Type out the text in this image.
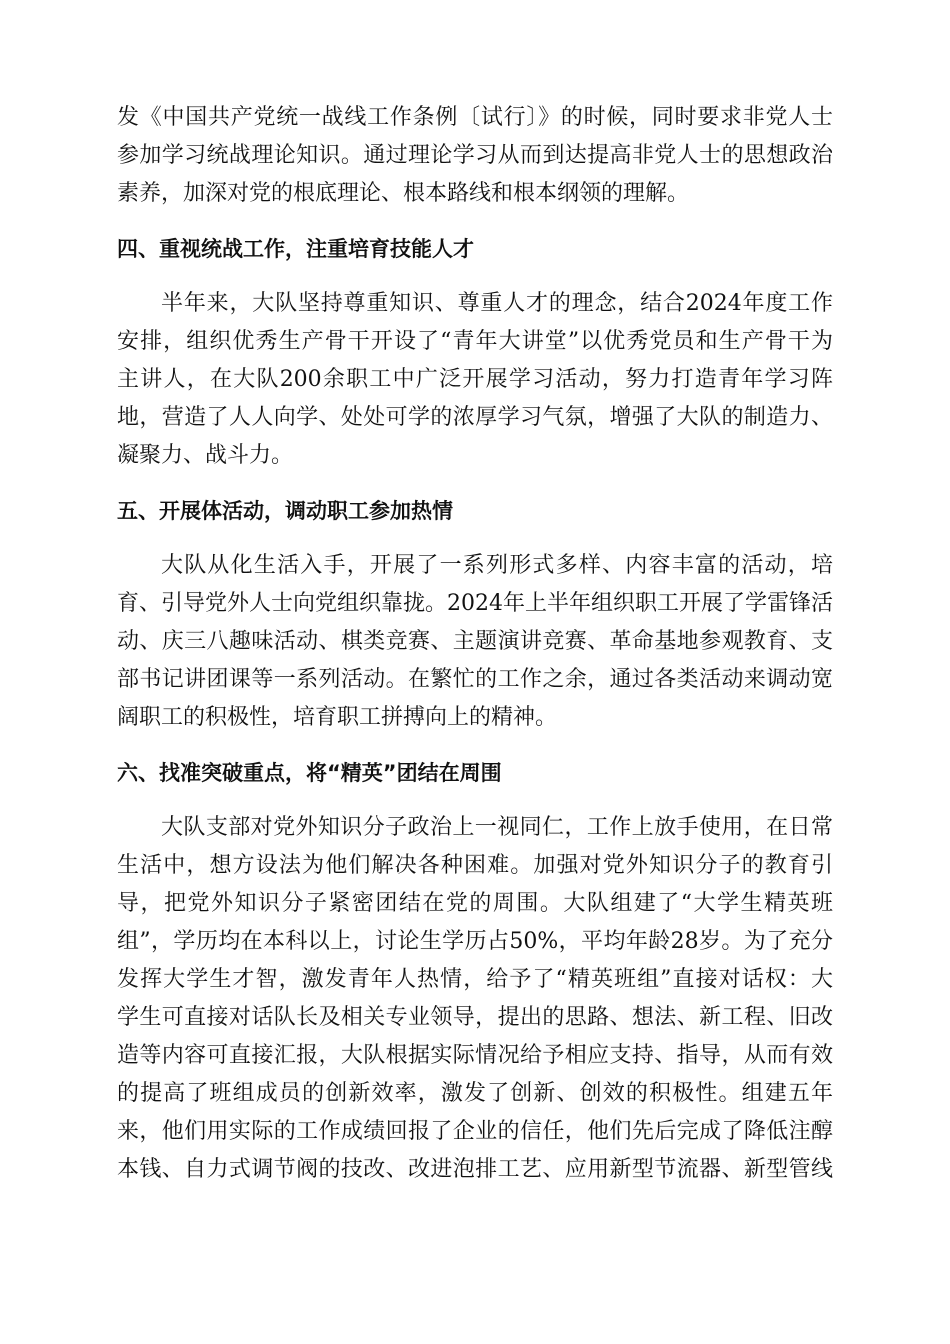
发《中国共产党统一战线工作条例〔试行〕》的时候，同时要求非党人士
参加学习统战理论知识。通过理论学习从而到达提高非党人士的思想政治
素养，加深对党的根底理论、根本路线和根本纲领的理解。
四、重视统战工作，注重培育技能人才
半年来，大队坚持尊重知识、尊重人才的理念，结合2024年度工作
安排，组织优秀生产骨干开设了“青年大讲堂”以优秀党员和生产骨干为
主讲人，在大队200余职工中广泛开展学习活动，努力打造青年学习阵
地，营造了人人向学、处处可学的浓厚学习气氛，增强了大队的制造力、
凝聚力、战斗力。
五、开展体活动，调动职工参加热情
大队从化生活入手，开展了一系列形式多样、内容丰富的活动，培
育、引导党外人士向党组织靠拢。2024年上半年组织职工开展了学雷锋活
动、庆三八趣味活动、棋类竞赛、主题演讲竞赛、革命基地参观教育、支
部书记讲团课等一系列活动。在繁忙的工作之余，通过各类活动来调动宽
阔职工的积极性，培育职工拼搏向上的精神。
六、找准突破重点，将“精英”团结在周围
大队支部对党外知识分子政治上一视同仁，工作上放手使用，在日常
生活中，想方设法为他们解决各种困难。加强对党外知识分子的教育引
导，把党外知识分子紧密团结在党的周围。大队组建了“大学生精英班
组”，学历均在本科以上，讨论生学历占50%，平均年龄28岁。为了充分
发挥大学生才智，激发青年人热情，给予了“精英班组”直接对话权：大
学生可直接对话队长及相关专业领导，提出的思路、想法、新工程、旧改
造等内容可直接汇报，大队根据实际情况给予相应支持、指导，从而有效
的提高了班组成员的创新效率，激发了创新、创效的积极性。组建五年
来，他们用实际的工作成绩回报了企业的信任，他们先后完成了降低注醇
本钱、自力式调节阀的技改、改进泡排工艺、应用新型节流器、新型管线
